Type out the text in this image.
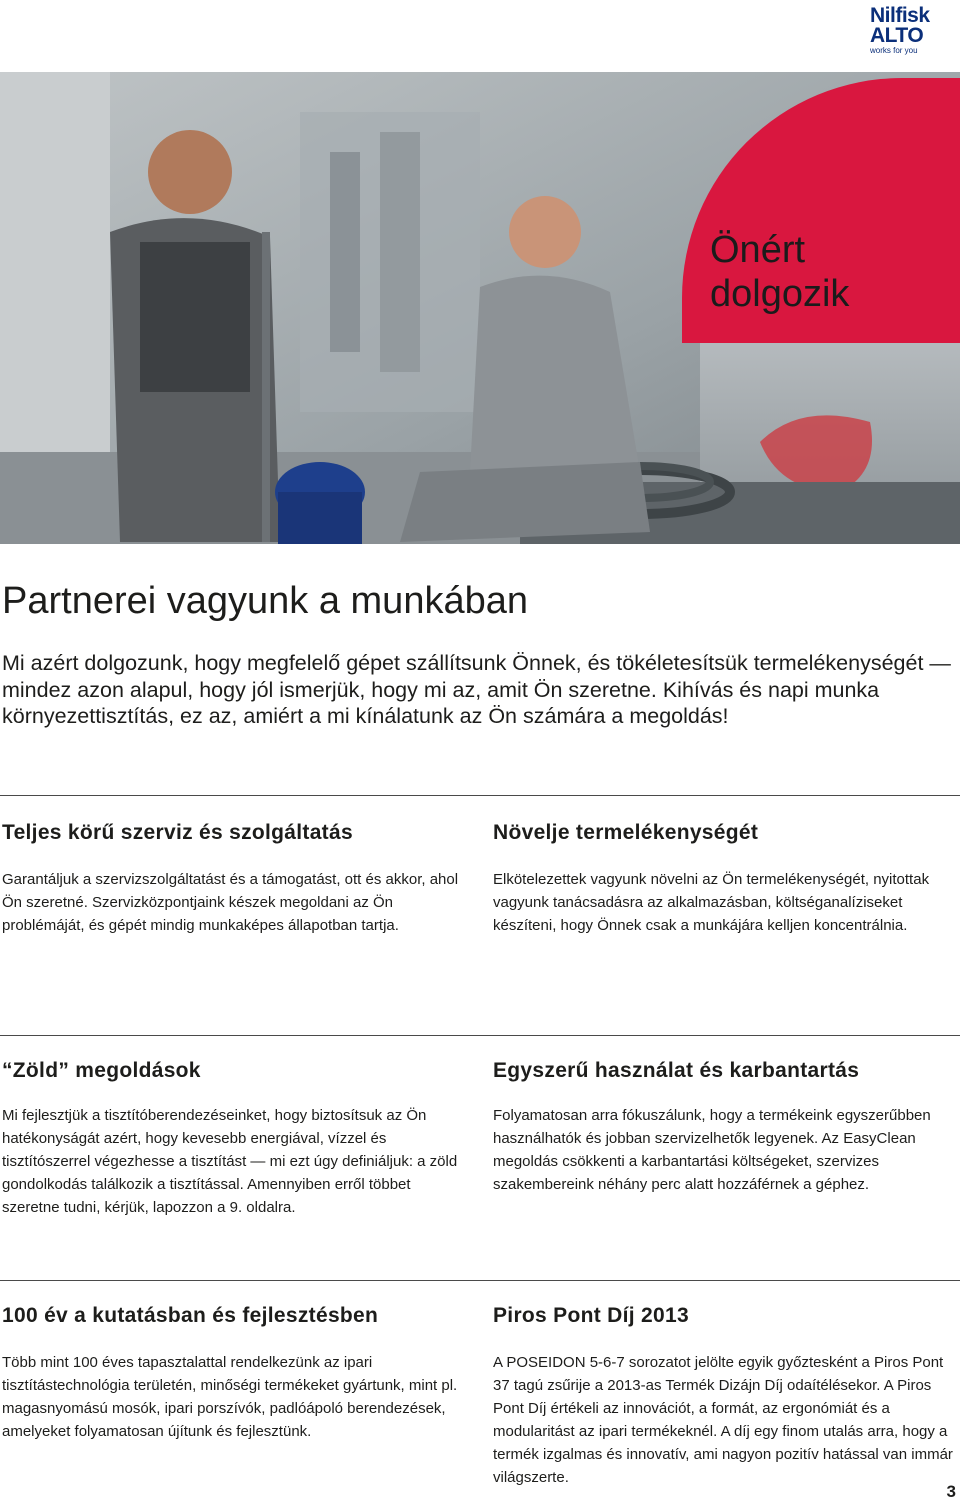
Nilfisk
ALTO
works for you
Önért
dolgozik
Partnerei vagyunk a munkában

Mi azért dolgozunk, hogy megfelelő gépet szállítsunk Önnek, és tökéletesítsük termelékenységét — mindez azon alapul, hogy jól ismerjük, hogy mi az, amit Ön szeretne. Kihívás és napi munka környezettisztítás, ez az, amiért a mi kínálatunk az Ön számára a megoldás!

Teljes körű szerviz és szolgáltatás

Garantáljuk a szervizszolgáltatást és a támogatást, ott és akkor, ahol Ön szeretné. Szervizközpontjaink készek megoldani az Ön problémáját, és gépét mindig munkaképes állapotban tartja.

Növelje termelékenységét

Elkötelezettek vagyunk növelni az Ön termelékenységét, nyitottak vagyunk tanácsadásra az alkalmazásban, költséganalíziseket készíteni, hogy Önnek csak a munkájára kelljen koncentrálnia.

“Zöld” megoldások

Mi fejlesztjük a tisztítóberendezéseinket, hogy biztosítsuk az Ön hatékonyságát azért, hogy kevesebb energiával, vízzel és tisztítószerrel végezhesse a tisztítást — mi ezt úgy definiáljuk: a zöld gondolkodás találkozik a tisztítással. Amennyiben erről többet szeretne tudni, kérjük, lapozzon a 9. oldalra.

Egyszerű használat és karbantartás

Folyamatosan arra fókuszálunk, hogy a termékeink egyszerűbben használhatók és jobban szervizelhetők legyenek. Az EasyClean megoldás csökkenti a karbantartási költségeket, szervizes szakembereink néhány perc alatt hozzáférnek a géphez.

100 év a kutatásban és fejlesztésben

Több mint 100 éves tapasztalattal rendelkezünk az ipari tisztítástechnológia területén, minőségi termékeket gyártunk, mint pl. magasnyomású mosók, ipari porszívók, padlóápoló berendezések, amelyeket folyamatosan újítunk és fejlesztünk.

Piros Pont Díj 2013

A POSEIDON 5-6-7 sorozatot jelölte egyik győztesként a Piros Pont 37 tagú zsűrije a 2013-as Termék Dizájn Díj odaítélésekor. A Piros Pont Díj értékeli az innovációt, a formát, az ergonómiát és a modularitást az ipari termékeknél. A díj egy finom utalás arra, hogy a termék izgalmas és innovatív, ami nagyon pozitív hatással van immár világszerte.

3
